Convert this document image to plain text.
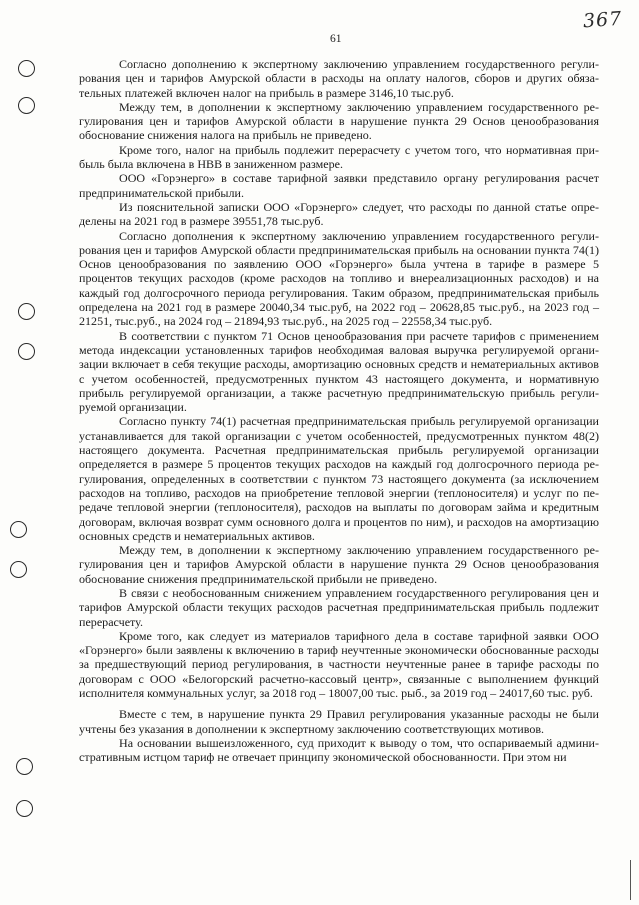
367
61

Согласно дополнению к экспертному заключению управлением государственного регулирования цен и тарифов Амурской области в расходы на оплату налогов, сборов и других обязательных платежей включен налог на прибыль в размере 3146,10 тыс.руб.

Между тем, в дополнении к экспертному заключению управлением государственного регулирования цен и тарифов Амурской области в нарушение пункта 29 Основ ценообразования обоснование снижения налога на прибыль не приведено.

Кроме того, налог на прибыль подлежит перерасчету с учетом того, что нормативная прибыль была включена в НВВ в заниженном размере.

ООО «Горэнерго» в составе тарифной заявки представило органу регулирования расчет предпринимательской прибыли.

Из пояснительной записки ООО «Горэнерго» следует, что расходы по данной статье определены на 2021 год в размере 39551,78 тыс.руб.

Согласно дополнения к экспертному заключению управлением государственного регулирования цен и тарифов Амурской области предпринимательская прибыль на основании пункта 74(1) Основ ценообразования по заявлению ООО «Горэнерго» была учтена в тарифе в размере 5 процентов текущих расходов (кроме расходов на топливо и внереализационных расходов) и на каждый год долгосрочного периода регулирования. Таким образом, предпринимательская прибыль определена на 2021 год в размере 20040,34 тыс.руб, на 2022 год – 20628,85 тыс.руб., на 2023 год – 21251, тыс.руб., на 2024 год – 21894,93 тыс.руб., на 2025 год – 22558,34 тыс.руб.

В соответствии с пунктом 71 Основ ценообразования при расчете тарифов с применением метода индексации установленных тарифов необходимая валовая выручка регулируемой организации включает в себя текущие расходы, амортизацию основных средств и нематериальных активов с учетом особенностей, предусмотренных пунктом 43 настоящего документа, и нормативную прибыль регулируемой организации, а также расчетную предпринимательскую прибыль регулируемой организации.

Согласно пункту 74(1) расчетная предпринимательская прибыль регулируемой организации устанавливается для такой организации с учетом особенностей, предусмотренных пунктом 48(2) настоящего документа. Расчетная предпринимательская прибыль регулируемой организации определяется в размере 5 процентов текущих расходов на каждый год долгосрочного периода регулирования, определенных в соответствии с пунктом 73 настоящего документа (за исключением расходов на топливо, расходов на приобретение тепловой энергии (теплоносителя) и услуг по передаче тепловой энергии (теплоносителя), расходов на выплаты по договорам займа и кредитным договорам, включая возврат сумм основного долга и процентов по ним), и расходов на амортизацию основных средств и нематериальных активов.

Между тем, в дополнении к экспертному заключению управлением государственного регулирования цен и тарифов Амурской области в нарушение пункта 29 Основ ценообразования обоснование снижения предпринимательской прибыли не приведено.

В связи с необоснованным снижением управлением государственного регулирования цен и тарифов Амурской области текущих расходов расчетная предпринимательская прибыль подлежит перерасчету.

Кроме того, как следует из материалов тарифного дела в составе тарифной заявки ООО «Горэнерго» были заявлены к включению в тариф неучтенные экономически обоснованные расходы за предшествующий период регулирования, в частности неучтенные ранее в тарифе расходы по договорам с ООО «Белогорский расчетно-кассовый центр», связанные с выполнением функций исполнителя коммунальных услуг, за 2018 год – 18007,00 тыс. рыб., за 2019 год – 24017,60 тыс. руб.

Вместе с тем, в нарушение пункта 29 Правил регулирования указанные расходы не были учтены без указания в дополнении к экспертному заключению соответствующих мотивов.

На основании вышеизложенного, суд приходит к выводу о том, что оспариваемый административным истцом тариф не отвечает принципу экономической обоснованности. При этом ни
